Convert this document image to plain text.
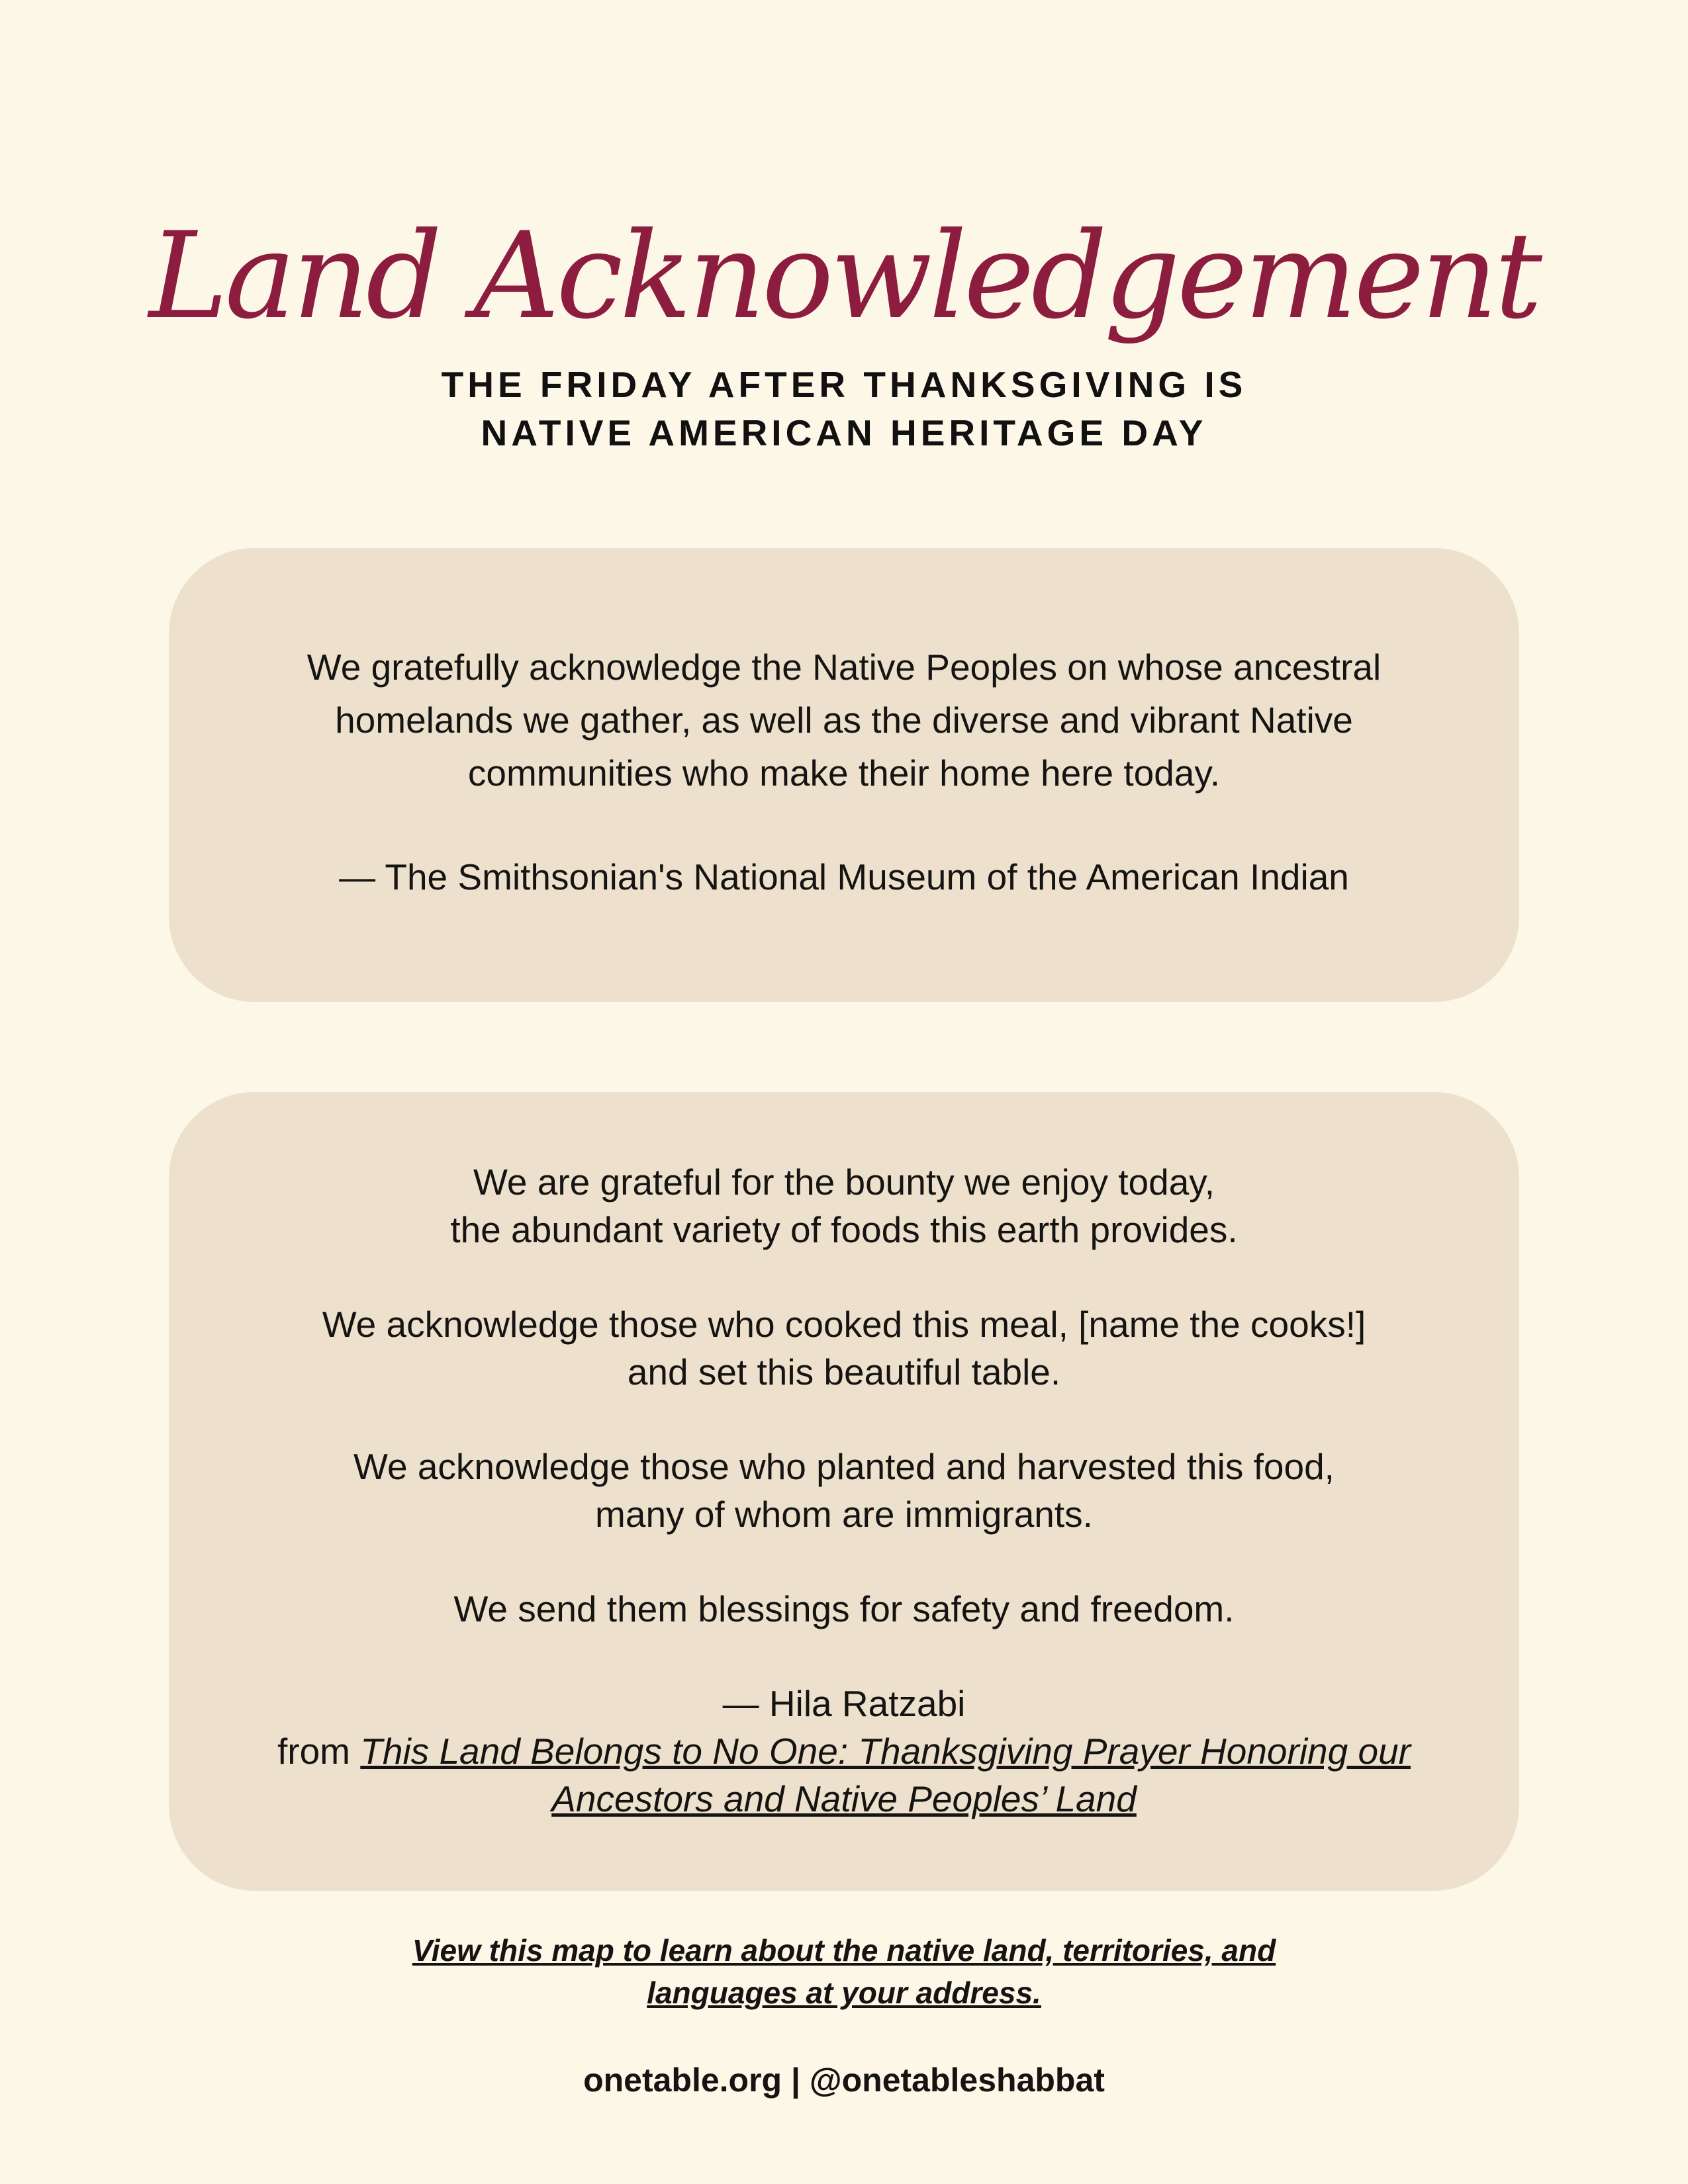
Land Acknowledgement
THE FRIDAY AFTER THANKSGIVING IS
NATIVE AMERICAN HERITAGE DAY
We gratefully acknowledge the Native Peoples on whose ancestral
homelands we gather, as well as the diverse and vibrant Native
communities who make their home here today.
— The Smithsonian's National Museum of the American Indian
We are grateful for the bounty we enjoy today,
the abundant variety of foods this earth provides.
We acknowledge those who cooked this meal, [name the cooks!]
and set this beautiful table.
We acknowledge those who planted and harvested this food,
many of whom are immigrants.
We send them blessings for safety and freedom.
— Hila Ratzabi
from This Land Belongs to No One: Thanksgiving Prayer Honoring our
Ancestors and Native Peoples’ Land
View this map to learn about the native land, territories, and
languages at your address.
onetable.org | @onetableshabbat
